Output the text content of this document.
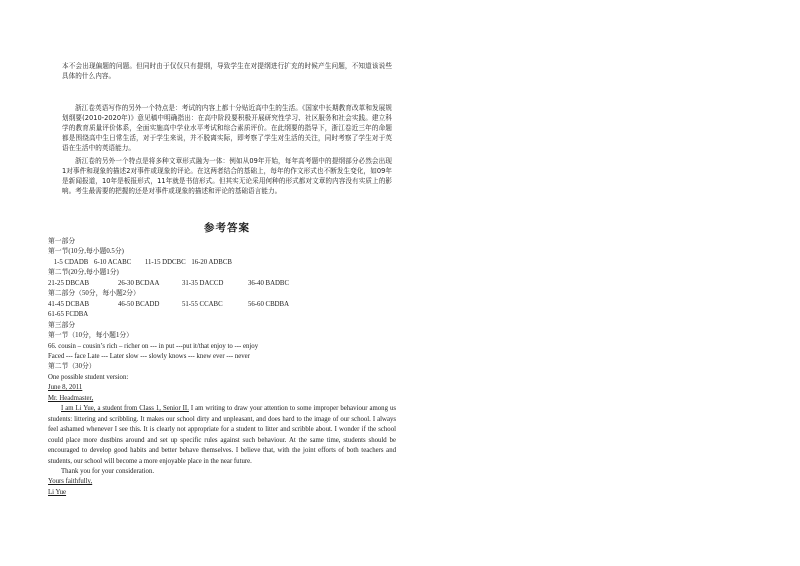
本不会出现偏题的问题。但同时由于仅仅只有提纲，导致学生在对提纲进行扩充的时候产生问题，不知道该说些具体的什么内容。

浙江卷英语写作的另外一个特点是：考试的内容上都十分贴近高中生的生活。《国家中长期教育改革和发展规划纲要(2010-2020年)》意见稿中明确指出：在高中阶段要积极开展研究性学习、社区服务和社会实践。建立科学的教育质量评价体系，全面实施高中学业水平考试和综合素质评价。在此纲要的指导下，浙江卷近三年的命题都是围绕高中生日常生活，对于学生来说，并不脱离实际，即考察了学生对生活的关注，同时考察了学生对于英语在生活中的英语能力。

浙江卷的另外一个特点是将多种文章形式融为一体：例如从09年开始，每年高考题中的提纲部分必然会出现1对事件和现象的描述2对事件或现象的评论。在这两者结合的基础上，每年的作文形式也不断发生变化，如09年是新闻报道，10年是板报形式，11年就是书信形式。但其实无论采用何种的形式都对文章的内容没有实质上的影响。考生最需要的把握的还是对事件或现象的描述和评论的基础语言能力。

参考答案
第一部分
第一节(10分,每小题0.5分)
1-5 CDADB 6-10 ACABC 11-15 DDCBC 16-20 ADBCB
第二节(20分,每小题1分)
21-25 DBCAB	26-30 BCDAA	31-35 DACCD	36-40 BADBC
第二部分（50分，每小题2分）
41-45 DCBAB	46-50 BCADD	51-55 CCABC	56-60 CBDBA
61-65 FCDBA
第三部分
第一节（10分，每小题1分）
66. cousin – cousin’s rich – richer on --- in put ---put it/that enjoy to --- enjoy
Faced --- face Late --- Later slow --- slowly knows --- knew ever --- never
第二节（30分）
One possible student version:
June 8, 2011
Mr. Headmaster,

I am Li Yue, a student from Class 1, Senior II. I am writing to draw your attention to some improper behaviour among us students: littering and scribbling. It makes our school dirty and unpleasant, and does hard to the image of our school. I always feel ashamed whenever I see this. It is clearly not appropriate for a student to litter and scribble about. I wonder if the school could place more dustbins around and set up specific rules against such behaviour. At the same time, students should be encouraged to develop good habits and better behave themselves. I believe that, with the joint efforts of both teachers and students, our school will become a more enjoyable place in the near future.

Thank you for your consideration.

Yours faithfully,
Li Yue
